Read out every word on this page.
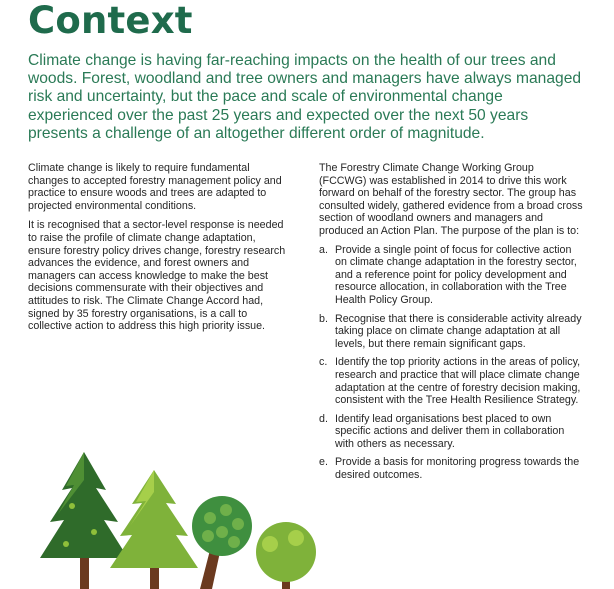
Context
Climate change is having far-reaching impacts on the health of our trees and woods. Forest, woodland and tree owners and managers have always managed risk and uncertainty, but the pace and scale of environmental change experienced over the past 25 years and expected over the next 50 years presents a challenge of an altogether different order of magnitude.

Climate change is likely to require fundamental changes to accepted forestry management policy and practice to ensure woods and trees are adapted to projected environmental conditions.

It is recognised that a sector-level response is needed to raise the profile of climate change adaptation, ensure forestry policy drives change, forestry research advances the evidence, and forest owners and managers can access knowledge to make the best decisions commensurate with their objectives and attitudes to risk. The Climate Change Accord had, signed by 35 forestry organisations, is a call to collective action to address this high priority issue.

The Forestry Climate Change Working Group (FCCWG) was established in 2014 to drive this work forward on behalf of the forestry sector. The group has consulted widely, gathered evidence from a broad cross section of woodland owners and managers and produced an Action Plan. The purpose of the plan is to:

a. Provide a single point of focus for collective action on climate change adaptation in the forestry sector, and a reference point for policy development and resource allocation, in collaboration with the Tree Health Policy Group.
b. Recognise that there is considerable activity already taking place on climate change adaptation at all levels, but there remain significant gaps.
c. Identify the top priority actions in the areas of policy, research and practice that will place climate change adaptation at the centre of forestry decision making, consistent with the Tree Health Resilience Strategy.
d. Identify lead organisations best placed to own specific actions and deliver them in collaboration with others as necessary.
e. Provide a basis for monitoring progress towards the desired outcomes.
